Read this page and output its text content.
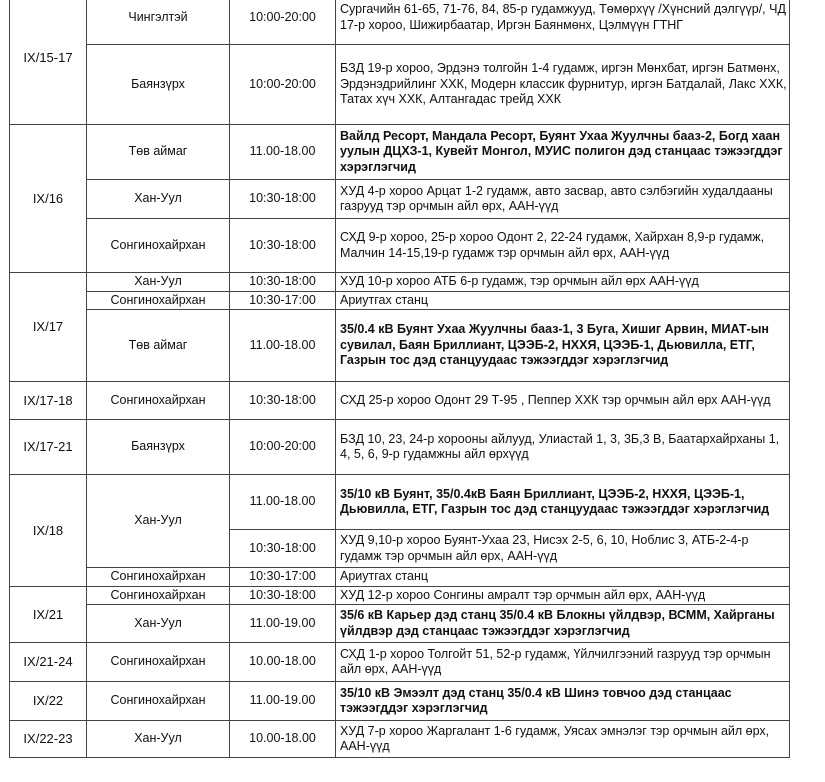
IX/15-17	Чингэлтэй	10:00-20:00	Сургачийн 61-65, 71-76, 84, 85-р гудамжууд, Төмөрхүү /Хүнсний дэлгүүр/, ЧД 17-р хороо, Шижирбаатар, Иргэн Баянмөнх, Цэлмүүн ГТНГ
	Баянзүрх	10:00-20:00	БЗД 19-р хороо, Эрдэнэ толгойн 1-4 гудамж, иргэн Мөнхбат, иргэн Батмөнх, Эрдэнэдрийлинг ХХК, Модерн классик фурнитур, иргэн Батдалай, Лакс ХХК, Татах хүч ХХК, Алтангадас трейд ХХК
IX/16	Төв аймаг	11.00-18.00	Вайлд Ресорт, Мандала Ресорт, Буянт Ухаа Жуулчны бааз-2, Богд хаан уулын ДЦХЗ-1, Кувейт Монгол, МУИС полигон дэд станцаас тэжээгддэг хэрэглэгчид
	Хан-Уул	10:30-18:00	ХУД 4-р хороо Арцат 1-2 гудамж, авто засвар, авто сэлбэгийн худалдааны газрууд тэр орчмын айл өрх, ААН-үүд
	Сонгинохайрхан	10:30-18:00	СХД 9-р хороо, 25-р хороо Одонт 2, 22-24 гудамж, Хайрхан 8,9-р гудамж, Малчин 14-15,19-р гудамж тэр орчмын айл өрх, ААН-үүд
IX/17	Хан-Уул	10:30-18:00	ХУД 10-р хороо АТБ 6-р гудамж, тэр орчмын айл өрх ААН-үүд
	Сонгинохайрхан	10:30-17:00	Ариутгах станц
	Төв аймаг	11.00-18.00	35/0.4 кВ Буянт Ухаа Жуулчны бааз-1, 3 Буга, Хишиг Арвин, МИАТ-ын сувилал, Баян Бриллиант, ЦЭЭБ-2, НХХЯ, ЦЭЭБ-1, Дьювилла, ЕТГ, Газрын тос дэд станцуудаас тэжээгддэг хэрэглэгчид
IX/17-18	Сонгинохайрхан	10:30-18:00	СХД 25-р хороо Одонт 29 Т-95 , Пеппер ХХК тэр орчмын айл өрх ААН-үүд
IX/17-21	Баянзүрх	10:00-20:00	БЗД 10, 23, 24-р хорооны айлууд, Улиастай 1, 3, 3Б,3 В, Баатархайрханы 1, 4, 5, 6, 9-р гудамжны айл өрхүүд
IX/18	Хан-Уул	11.00-18.00	35/10 кВ Буянт, 35/0.4кВ Баян Бриллиант, ЦЭЭБ-2, НХХЯ, ЦЭЭБ-1, Дьювилла, ЕТГ, Газрын тос дэд станцуудаас тэжээгддэг хэрэглэгчид
		10:30-18:00	ХУД 9,10-р хороо Буянт-Ухаа 23, Нисэх 2-5, 6, 10, Ноблис 3, АТБ-2-4-р гудамж тэр орчмын айл өрх, ААН-үүд
	Сонгинохайрхан	10:30-17:00	Ариутгах станц
IX/21	Сонгинохайрхан	10:30-18:00	ХУД 12-р хороо Сонгины амралт тэр орчмын айл өрх, ААН-үүд
	Хан-Уул	11.00-19.00	35/6 кВ Карьер дэд станц 35/0.4 кВ Блокны үйлдвэр, ВСММ, Хайрганы үйлдвэр дэд станцаас тэжээгддэг хэрэглэгчид
IX/21-24	Сонгинохайрхан	10.00-18.00	СХД 1-р хороо Толгойт 51, 52-р гудамж, Үйлчилгээний газрууд тэр орчмын айл өрх, ААН-үүд
IX/22	Сонгинохайрхан	11.00-19.00	35/10 кВ Эмээлт дэд станц 35/0.4 кВ Шинэ товчоо дэд станцаас тэжээгддэг хэрэглэгчид
IX/22-23	Хан-Уул	10.00-18.00	ХУД 7-р хороо Жаргалант 1-6 гудамж, Уясах эмнэлэг тэр орчмын айл өрх, ААН-үүд
